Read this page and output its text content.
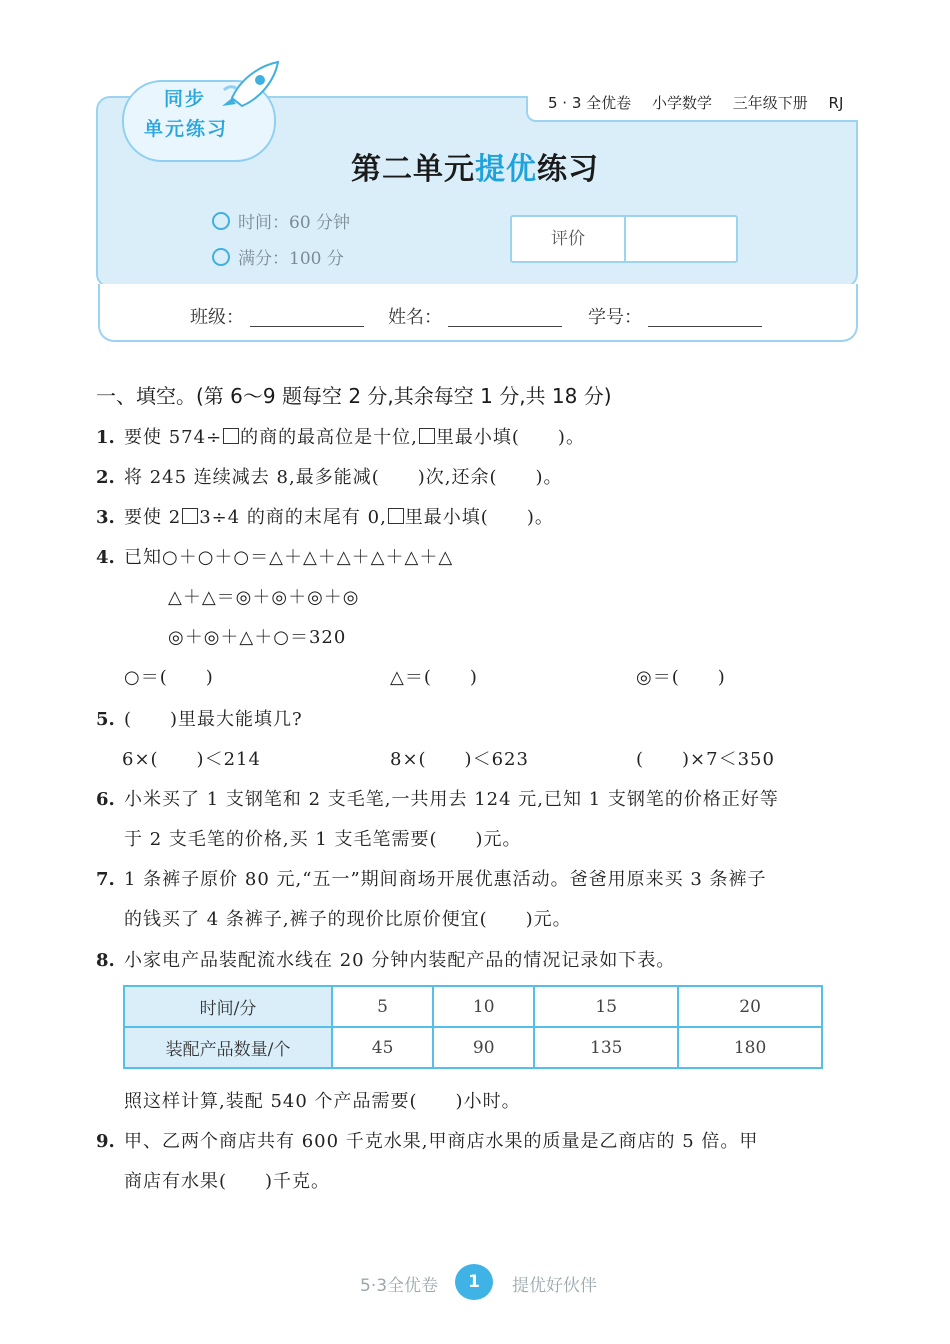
5 · 3 全优卷 小学数学 三年级下册 RJ
同步
单元练习
第二单元提优练习
时间：60 分钟
满分：100 分
评价
班级：	姓名：	学号：
一、填空。(第 6～9 题每空 2 分,其余每空 1 分,共 18 分)
1. 要使 574÷ 的商的最高位是十位, 里最小填(　　)。
2. 将 245 连续减去 8,最多能减(　　)次,还余(　　)。
3. 要使 2 3÷4 的商的末尾有 0, 里最小填(　　)。
4. 已知○＋○＋○＝△＋△＋△＋△＋△＋△
△＋△＝◎＋◎＋◎＋◎
◎＋◎＋△＋○＝320
○＝(　　)	△＝(　　)	◎＝(　　)
5. (　　)里最大能填几?
6×(　　)＜214	8×(　　)＜623	(　　)×7＜350
6. 小米买了 1 支钢笔和 2 支毛笔,一共用去 124 元,已知 1 支钢笔的价格正好等
于 2 支毛笔的价格,买 1 支毛笔需要(　　)元。
7. 1 条裤子原价 80 元,“五一”期间商场开展优惠活动。爸爸用原来买 3 条裤子
的钱买了 4 条裤子,裤子的现价比原价便宜(　　)元。
8. 小家电产品装配流水线在 20 分钟内装配产品的情况记录如下表。
时间/分	5	10	15	20
装配产品数量/个	45	90	135	180
照这样计算,装配 540 个产品需要(　　)小时。
9. 甲、乙两个商店共有 600 千克水果,甲商店水果的质量是乙商店的 5 倍。甲
商店有水果(　　)千克。
5·3全优卷	1	提优好伙伴
